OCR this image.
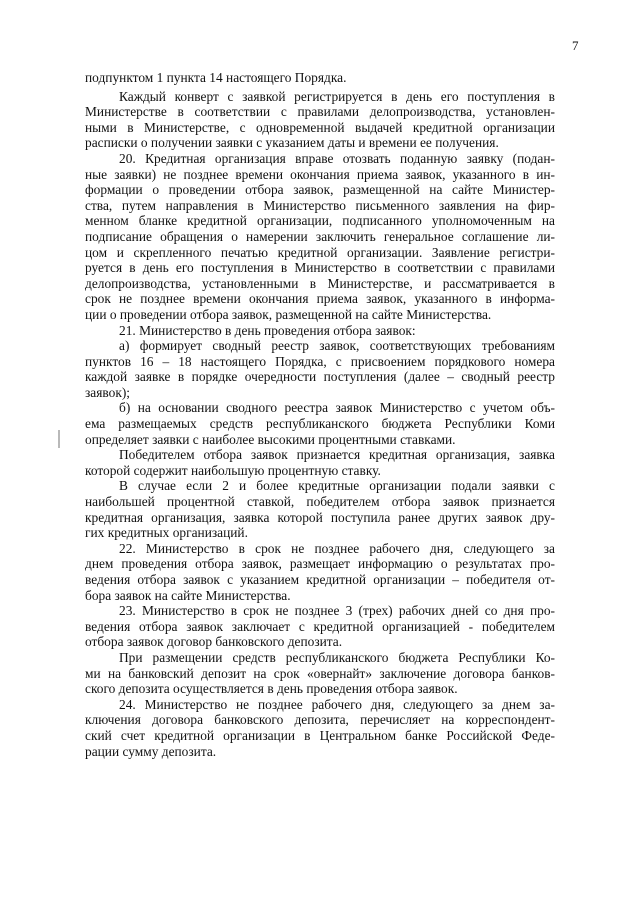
7
подпунктом 1 пункта 14 настоящего Порядка.
Каждый конверт с заявкой регистрируется в день его поступления в
Министерстве в соответствии с правилами делопроизводства, установлен-
ными в Министерстве, с одновременной выдачей кредитной организации
расписки о получении заявки с указанием даты и времени ее получения.
20. Кредитная организация вправе отозвать поданную заявку (подан-
ные заявки) не позднее времени окончания приема заявок, указанного в ин-
формации о проведении отбора заявок, размещенной на сайте Министер-
ства, путем направления в Министерство письменного заявления на фир-
менном бланке кредитной организации, подписанного уполномоченным на
подписание обращения о намерении заключить генеральное соглашение ли-
цом и скрепленного печатью кредитной организации. Заявление регистри-
руется в день его поступления в Министерство в соответствии с правилами
делопроизводства, установленными в Министерстве, и рассматривается в
срок не позднее времени окончания приема заявок, указанного в информа-
ции о проведении отбора заявок, размещенной на сайте Министерства.
21. Министерство в день проведения отбора заявок:
а) формирует сводный реестр заявок, соответствующих требованиям
пунктов 16 – 18 настоящего Порядка, с присвоением порядкового номера
каждой заявке в порядке очередности поступления (далее – сводный реестр
заявок);
б) на основании сводного реестра заявок Министерство с учетом объ-
ема размещаемых средств республиканского бюджета Республики Коми
определяет заявки с наиболее высокими процентными ставками.
Победителем отбора заявок признается кредитная организация, заявка
которой содержит наибольшую процентную ставку.
В случае если 2 и более кредитные организации подали заявки с
наибольшей процентной ставкой, победителем отбора заявок признается
кредитная организация, заявка которой поступила ранее других заявок дру-
гих кредитных организаций.
22. Министерство в срок не позднее рабочего дня, следующего за
днем проведения отбора заявок, размещает информацию о результатах про-
ведения отбора заявок с указанием кредитной организации – победителя от-
бора заявок на сайте Министерства.
23. Министерство в срок не позднее 3 (трех) рабочих дней со дня про-
ведения отбора заявок заключает с кредитной организацией - победителем
отбора заявок договор банковского депозита.
При размещении средств республиканского бюджета Республики Ко-
ми на банковский депозит на срок «овернайт» заключение договора банков-
ского депозита осуществляется в день проведения отбора заявок.
24. Министерство не позднее рабочего дня, следующего за днем за-
ключения договора банковского депозита, перечисляет на корреспондент-
ский счет кредитной организации в Центральном банке Российской Феде-
рации сумму депозита.
